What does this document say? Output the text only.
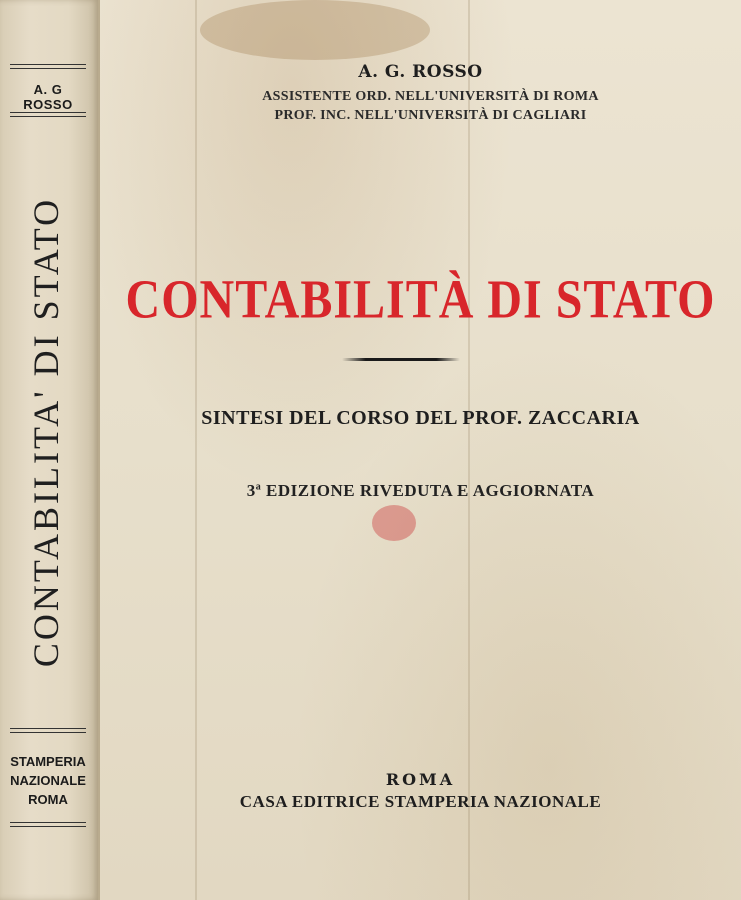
A. G ROSSO
CONTABILITA' DI STATO
STAMPERIA
NAZIONALE
ROMA
A. G. ROSSO
ASSISTENTE ORD. NELL'UNIVERSITÀ DI ROMA
PROF. INC. NELL'UNIVERSITÀ DI CAGLIARI
CONTABILITÀ DI STATO
SINTESI DEL CORSO DEL PROF. ZACCARIA
3$^a$ EDIZIONE RIVEDUTA E AGGIORNATA
ROMA
CASA EDITRICE STAMPERIA NAZIONALE
